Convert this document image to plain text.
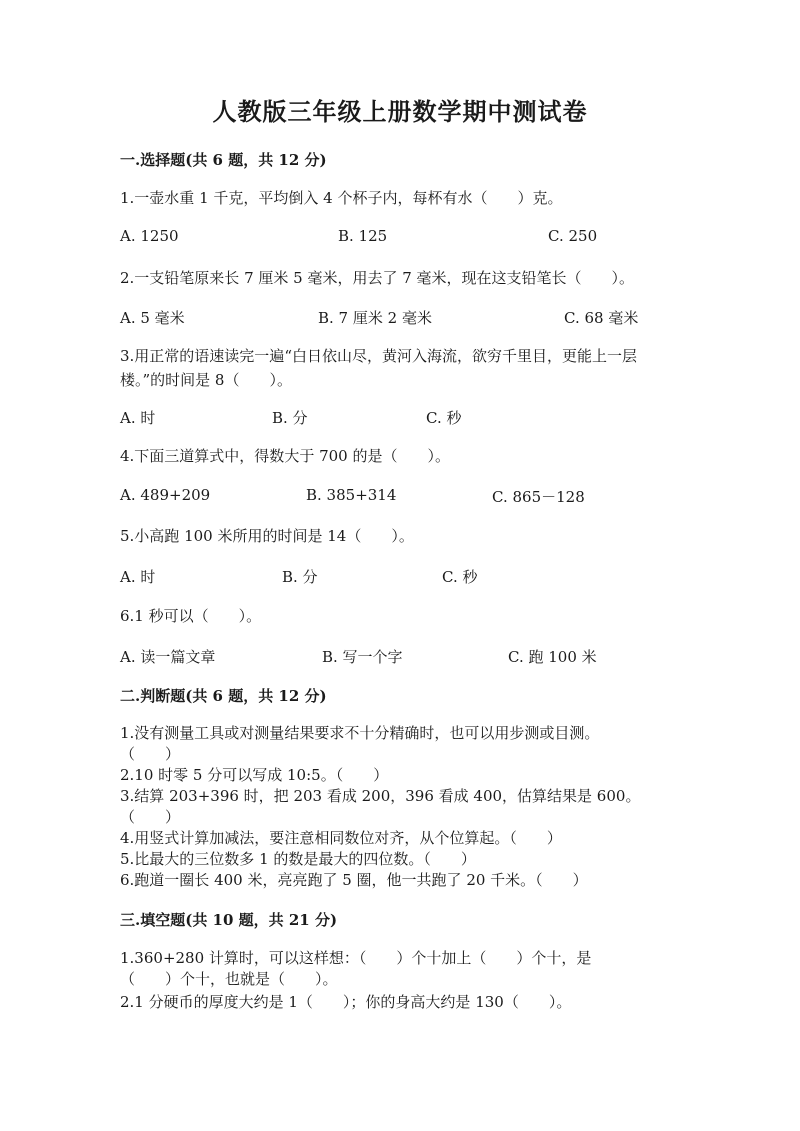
人教版三年级上册数学期中测试卷
一.选择题(共 6 题，共 12 分)
1.一壶水重 1 千克，平均倒入 4 个杯子内，每杯有水（　　）克。
A. 1250	B. 125	C. 250
2.一支铅笔原来长 7 厘米 5 毫米，用去了 7 毫米，现在这支铅笔长（　　）。
A. 5 毫米	B. 7 厘米 2 毫米	C. 68 毫米
3.用正常的语速读完一遍“白日依山尽，黄河入海流，欲穷千里目，更能上一层楼。”的时间是 8（　　）。
A. 时	B. 分	C. 秒
4.下面三道算式中，得数大于 700 的是（　　）。
A. 489+209	B. 385+314	C. 865－128
5.小高跑 100 米所用的时间是 14（　　）。
A. 时	B. 分	C. 秒
6.1 秒可以（　　）。
A. 读一篇文章	B. 写一个字	C. 跑 100 米
二.判断题(共 6 题，共 12 分)
1.没有测量工具或对测量结果要求不十分精确时，也可以用步测或目测。
（　　）
2.10 时零 5 分可以写成 10:5。（　　）
3.结算 203+396 时，把 203 看成 200，396 看成 400，估算结果是 600。
（　　）
4.用竖式计算加减法，要注意相同数位对齐，从个位算起。（　　）
5.比最大的三位数多 1 的数是最大的四位数。（　　）
6.跑道一圈长 400 米，亮亮跑了 5 圈，他一共跑了 20 千米。（　　）
三.填空题(共 10 题，共 21 分)
1.360+280 计算时，可以这样想：（　　）个十加上（　　）个十，是
（　　）个十，也就是（　　）。
2.1 分硬币的厚度大约是 1（　　）；你的身高大约是 130（　　）。
